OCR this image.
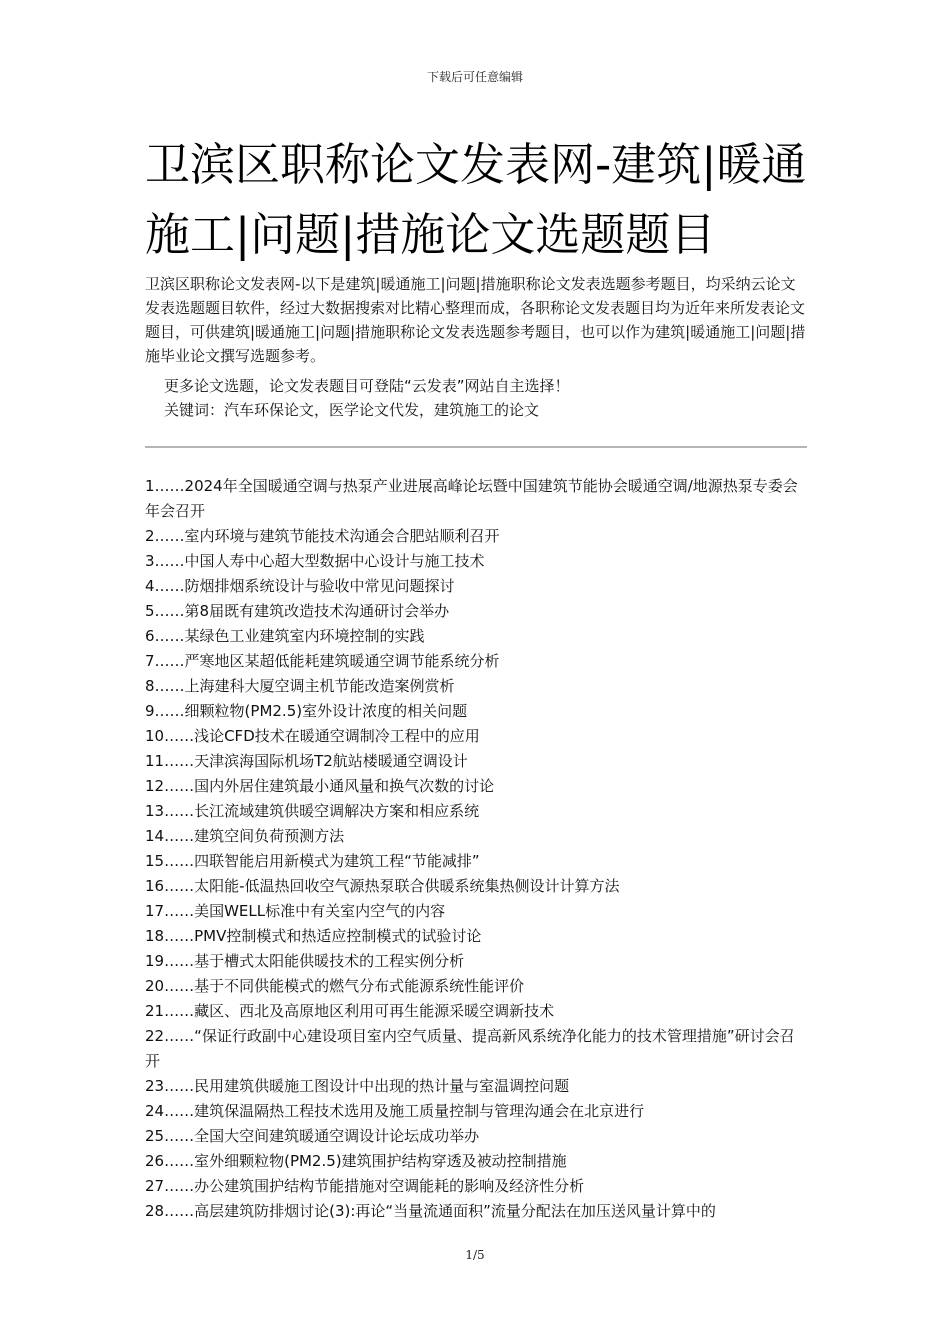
下载后可任意编辑
卫滨区职称论文发表网-建筑|暖通施工|问题|措施论文选题题目

卫滨区职称论文发表网-以下是建筑|暖通施工|问题|措施职称论文发表选题参考题目，均采纳云论文发表选题题目软件，经过大数据搜索对比精心整理而成，各职称论文发表题目均为近年来所发表论文题目，可供建筑|暖通施工|问题|措施职称论文发表选题参考题目，也可以作为建筑|暖通施工|问题|措施毕业论文撰写选题参考。

更多论文选题，论文发表题目可登陆“云发表”网站自主选择！

关键词：汽车环保论文，医学论文代发，建筑施工的论文

1……2024年全国暖通空调与热泵产业进展高峰论坛暨中国建筑节能协会暖通空调/地源热泵专委会年会召开
2……室内环境与建筑节能技术沟通会合肥站顺利召开
3……中国人寿中心超大型数据中心设计与施工技术
4……防烟排烟系统设计与验收中常见问题探讨
5……第8届既有建筑改造技术沟通研讨会举办
6……某绿色工业建筑室内环境控制的实践
7……严寒地区某超低能耗建筑暖通空调节能系统分析
8……上海建科大厦空调主机节能改造案例赏析
9……细颗粒物(PM2.5)室外设计浓度的相关问题
10……浅论CFD技术在暖通空调制冷工程中的应用
11……天津滨海国际机场T2航站楼暖通空调设计
12……国内外居住建筑最小通风量和换气次数的讨论
13……长江流域建筑供暖空调解决方案和相应系统
14……建筑空间负荷预测方法
15……四联智能启用新模式为建筑工程“节能减排”
16……太阳能-低温热回收空气源热泵联合供暖系统集热侧设计计算方法
17……美国WELL标准中有关室内空气的内容
18……PMV控制模式和热适应控制模式的试验讨论
19……基于槽式太阳能供暖技术的工程实例分析
20……基于不同供能模式的燃气分布式能源系统性能评价
21……藏区、西北及高原地区利用可再生能源采暖空调新技术
22……“保证行政副中心建设项目室内空气质量、提高新风系统净化能力的技术管理措施”研讨会召开
23……民用建筑供暖施工图设计中出现的热计量与室温调控问题
24……建筑保温隔热工程技术选用及施工质量控制与管理沟通会在北京进行
25……全国大空间建筑暖通空调设计论坛成功举办
26……室外细颗粒物(PM2.5)建筑围护结构穿透及被动控制措施
27……办公建筑围护结构节能措施对空调能耗的影响及经济性分析
28……高层建筑防排烟讨论(3):再论“当量流通面积”流量分配法在加压送风量计算中的
1/5
